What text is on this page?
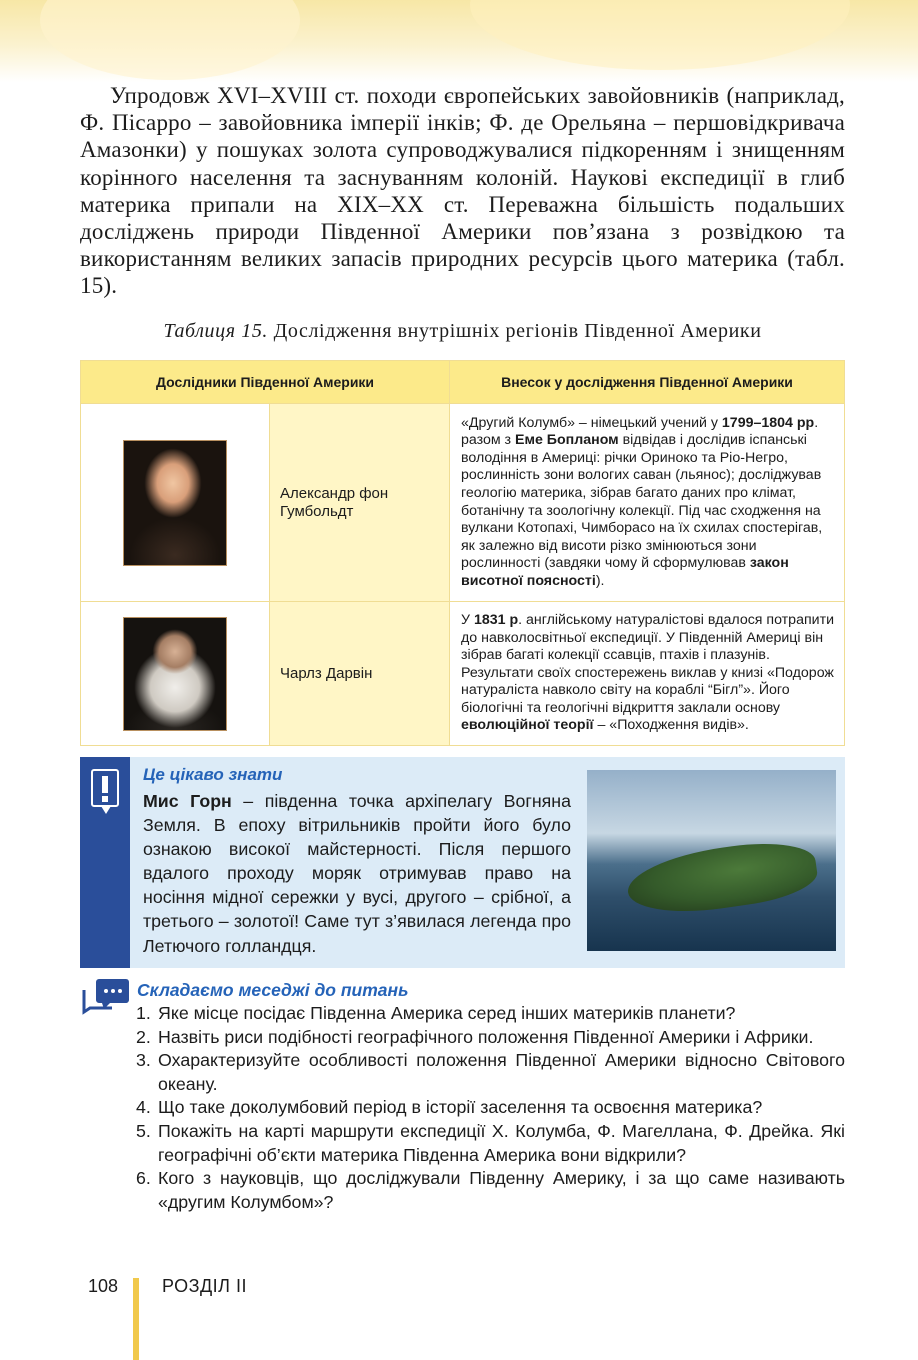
Упродовж XVI–XVIII ст. походи європейських завойовників (наприклад, Ф. Пісарро – завойовника імперії інків; Ф. де Орельяна – першовідкривача Амазонки) у пошуках золота супроводжувалися підкоренням і знищенням корінного населення та заснуванням колоній. Наукові експедиції в глиб материка припали на XIX–XX ст. Переважна більшість подальших досліджень природи Південної Америки пов’язана з розвідкою та використанням великих запасів природних ресурсів цього материка (табл. 15).

Таблиця 15. Дослідження внутрішніх регіонів Південної Америки
Дослідники Південної Америки		Внесок у дослідження Південної Америки

	Александр фон Гумбольдт	«Другий Колумб» – німецький учений у 1799–1804 рр. разом з Еме Бопланом відвідав і дослідив іспанські володіння в Америці: річки Ориноко та Ріо-Негро, рослинність зони вологих саван (льянос); досліджував геологію материка, зібрав багато даних про клімат, ботанічну та зоологічну колекції. Під час сходження на вулкани Котопахі, Чимборасо на їх схилах спостерігав, як залежно від висоти різко змінюються зони рослинності (завдяки чому й сформулював закон висотної поясності).

	Чарлз Дарвін	У 1831 р. англійському натуралістові вдалося потрапити до навколосвітньої експедиції. У Південній Америці він зібрав багаті колекції ссавців, птахів і плазунів. Результати своїх спостережень виклав у книзі «Подорож натураліста навколо світу на кораблі “Бігл”». Його біологічні та геологічні відкриття заклали основу еволюційної теорії – «Походження видів».
Це цікаво знати

Мис Горн – південна точка архіпелагу Вогняна Земля. В епоху вітрильників пройти його було ознакою високої майстерності. Після першого вдалого проходу моряк отримував право на носіння мідної сережки у вусі, другого – срібної, а третього – золотої! Саме тут з’явилася легенда про Летючого голландця.

Складаємо меседжі до питань
1. Яке місце посідає Південна Америка серед інших материків планети?
2. Назвіть риси подібності географічного положення Південної Америки і Африки.
3. Охарактеризуйте особливості положення Південної Америки відносно Світового океану.
4. Що таке доколумбовий період в історії заселення та освоєння материка?
5. Покажіть на карті маршрути експедиції Х. Колумба, Ф. Магеллана, Ф. Дрейка. Які географічні об’єкти материка Південна Америка вони відкрили?
6. Кого з науковців, що досліджували Південну Америку, і за що саме називають «другим Колумбом»?
108 РОЗДІЛ ІІ
